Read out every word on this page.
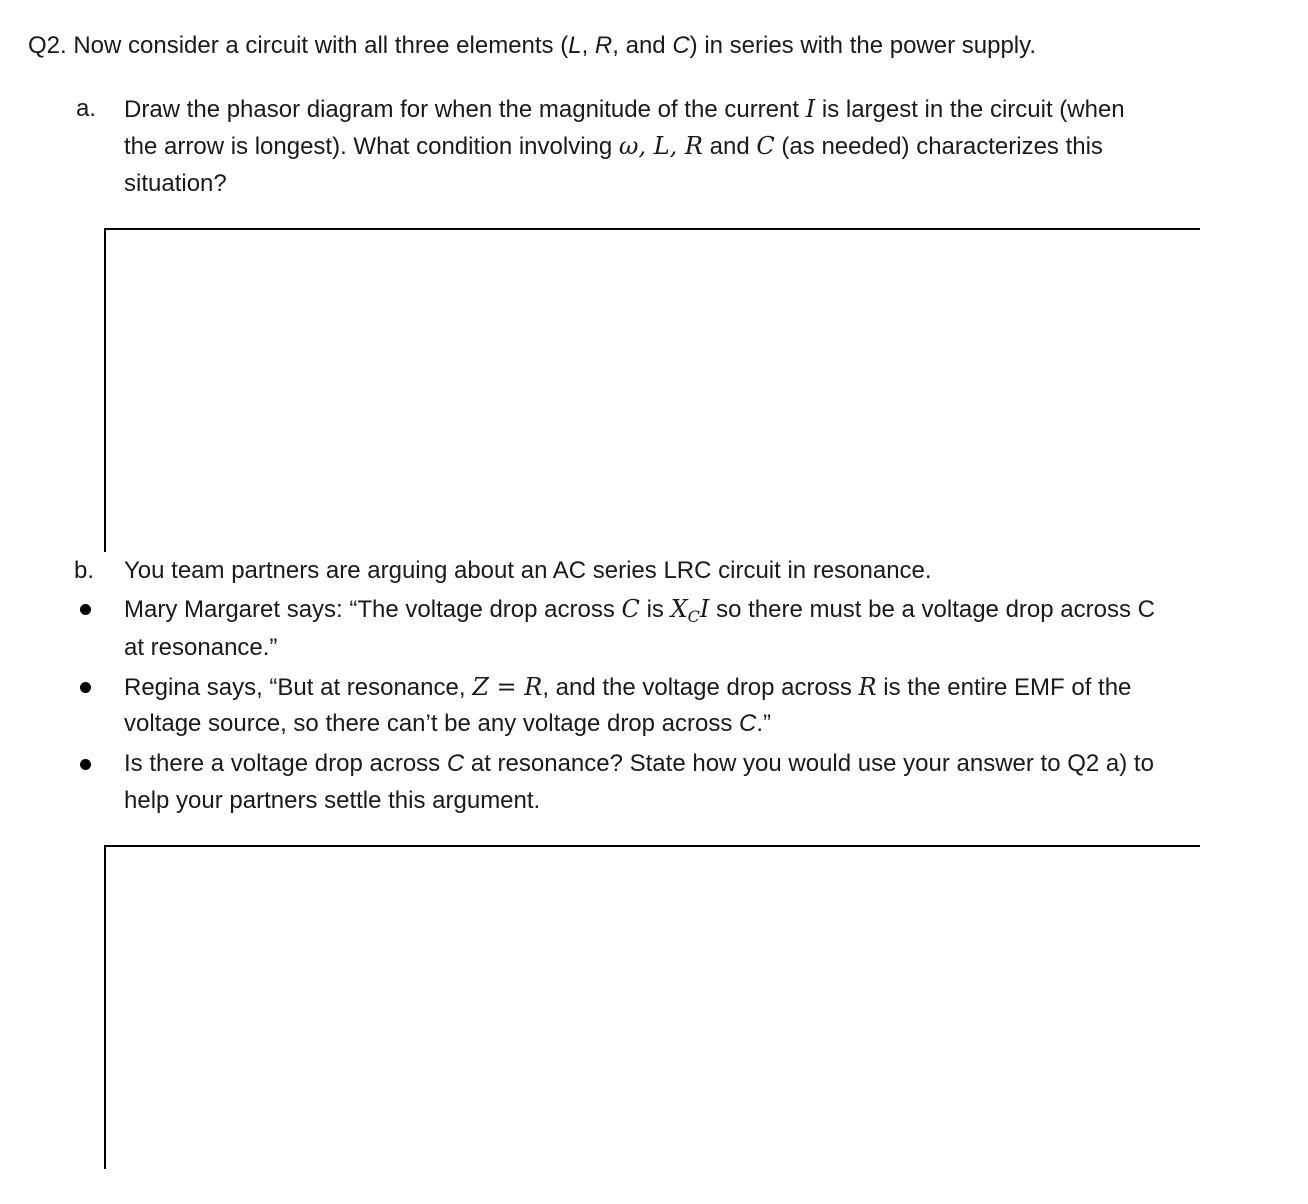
Q2. Now consider a circuit with all three elements (L, R, and C) in series with the power supply.
a. Draw the phasor diagram for when the magnitude of the current I is largest in the circuit (when
the arrow is longest). What condition involving ω, L, R and C (as needed) characterizes this
situation?
b. You team partners are arguing about an AC series LRC circuit in resonance.
Mary Margaret says: “The voltage drop across C is $X_CI$ so there must be a voltage drop across C
at resonance.”
Regina says, “But at resonance, Z = R, and the voltage drop across R is the entire EMF of the
voltage source, so there can’t be any voltage drop across C.”
Is there a voltage drop across C at resonance? State how you would use your answer to Q2 a) to
help your partners settle this argument.
